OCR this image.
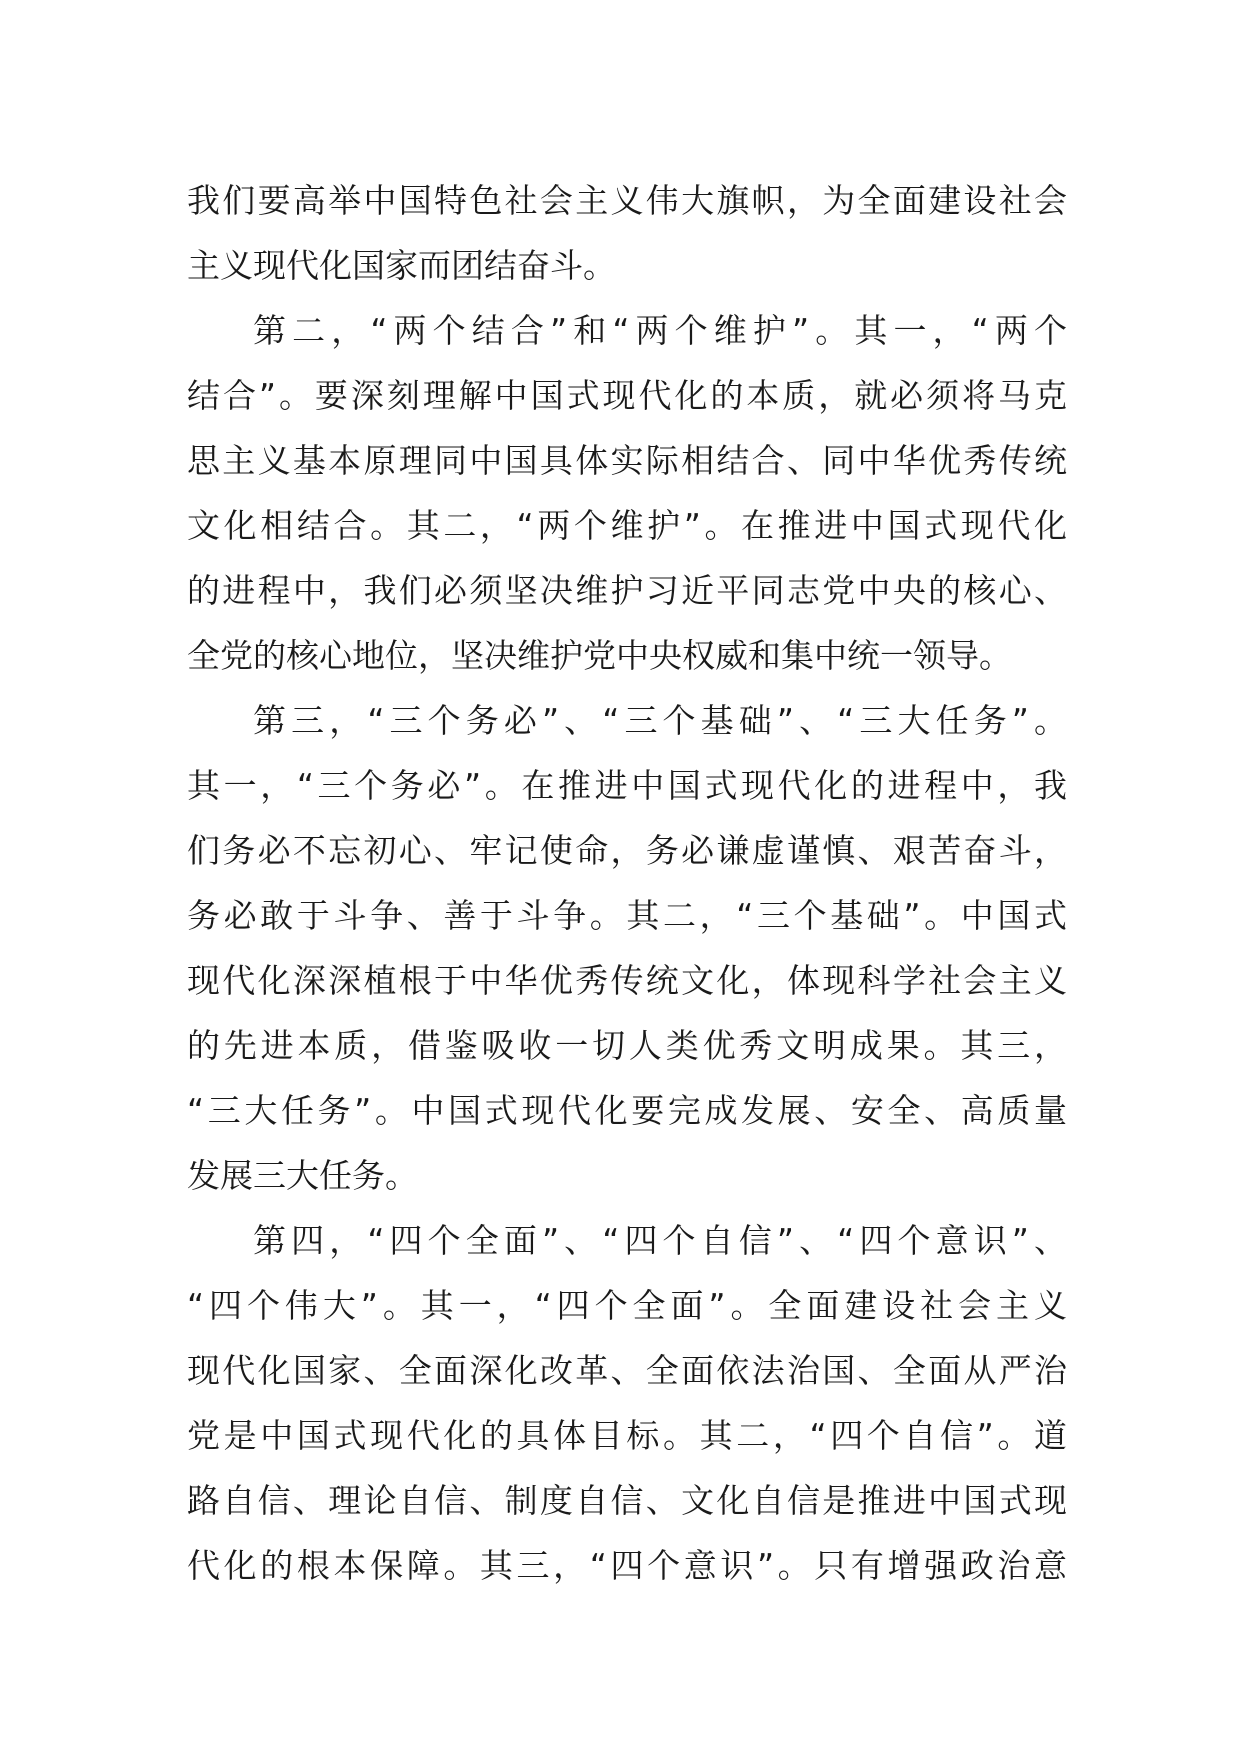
我们要高举中国特色社会主义伟大旗帜，为全面建设社会
主义现代化国家而团结奋斗。
第二，“两个结合”和“两个维护”。其一，“两个
结合”。要深刻理解中国式现代化的本质，就必须将马克
思主义基本原理同中国具体实际相结合、同中华优秀传统
文化相结合。其二，“两个维护”。在推进中国式现代化
的进程中，我们必须坚决维护习近平同志党中央的核心、
全党的核心地位，坚决维护党中央权威和集中统一领导。
第三，“三个务必”、“三个基础”、“三大任务”。
其一，“三个务必”。在推进中国式现代化的进程中，我
们务必不忘初心、牢记使命，务必谦虚谨慎、艰苦奋斗，
务必敢于斗争、善于斗争。其二，“三个基础”。中国式
现代化深深植根于中华优秀传统文化，体现科学社会主义
的先进本质，借鉴吸收一切人类优秀文明成果。其三，
“三大任务”。中国式现代化要完成发展、安全、高质量
发展三大任务。
第四，“四个全面”、“四个自信”、“四个意识”、
“四个伟大”。其一，“四个全面”。全面建设社会主义
现代化国家、全面深化改革、全面依法治国、全面从严治
党是中国式现代化的具体目标。其二，“四个自信”。道
路自信、理论自信、制度自信、文化自信是推进中国式现
代化的根本保障。其三，“四个意识”。只有增强政治意
